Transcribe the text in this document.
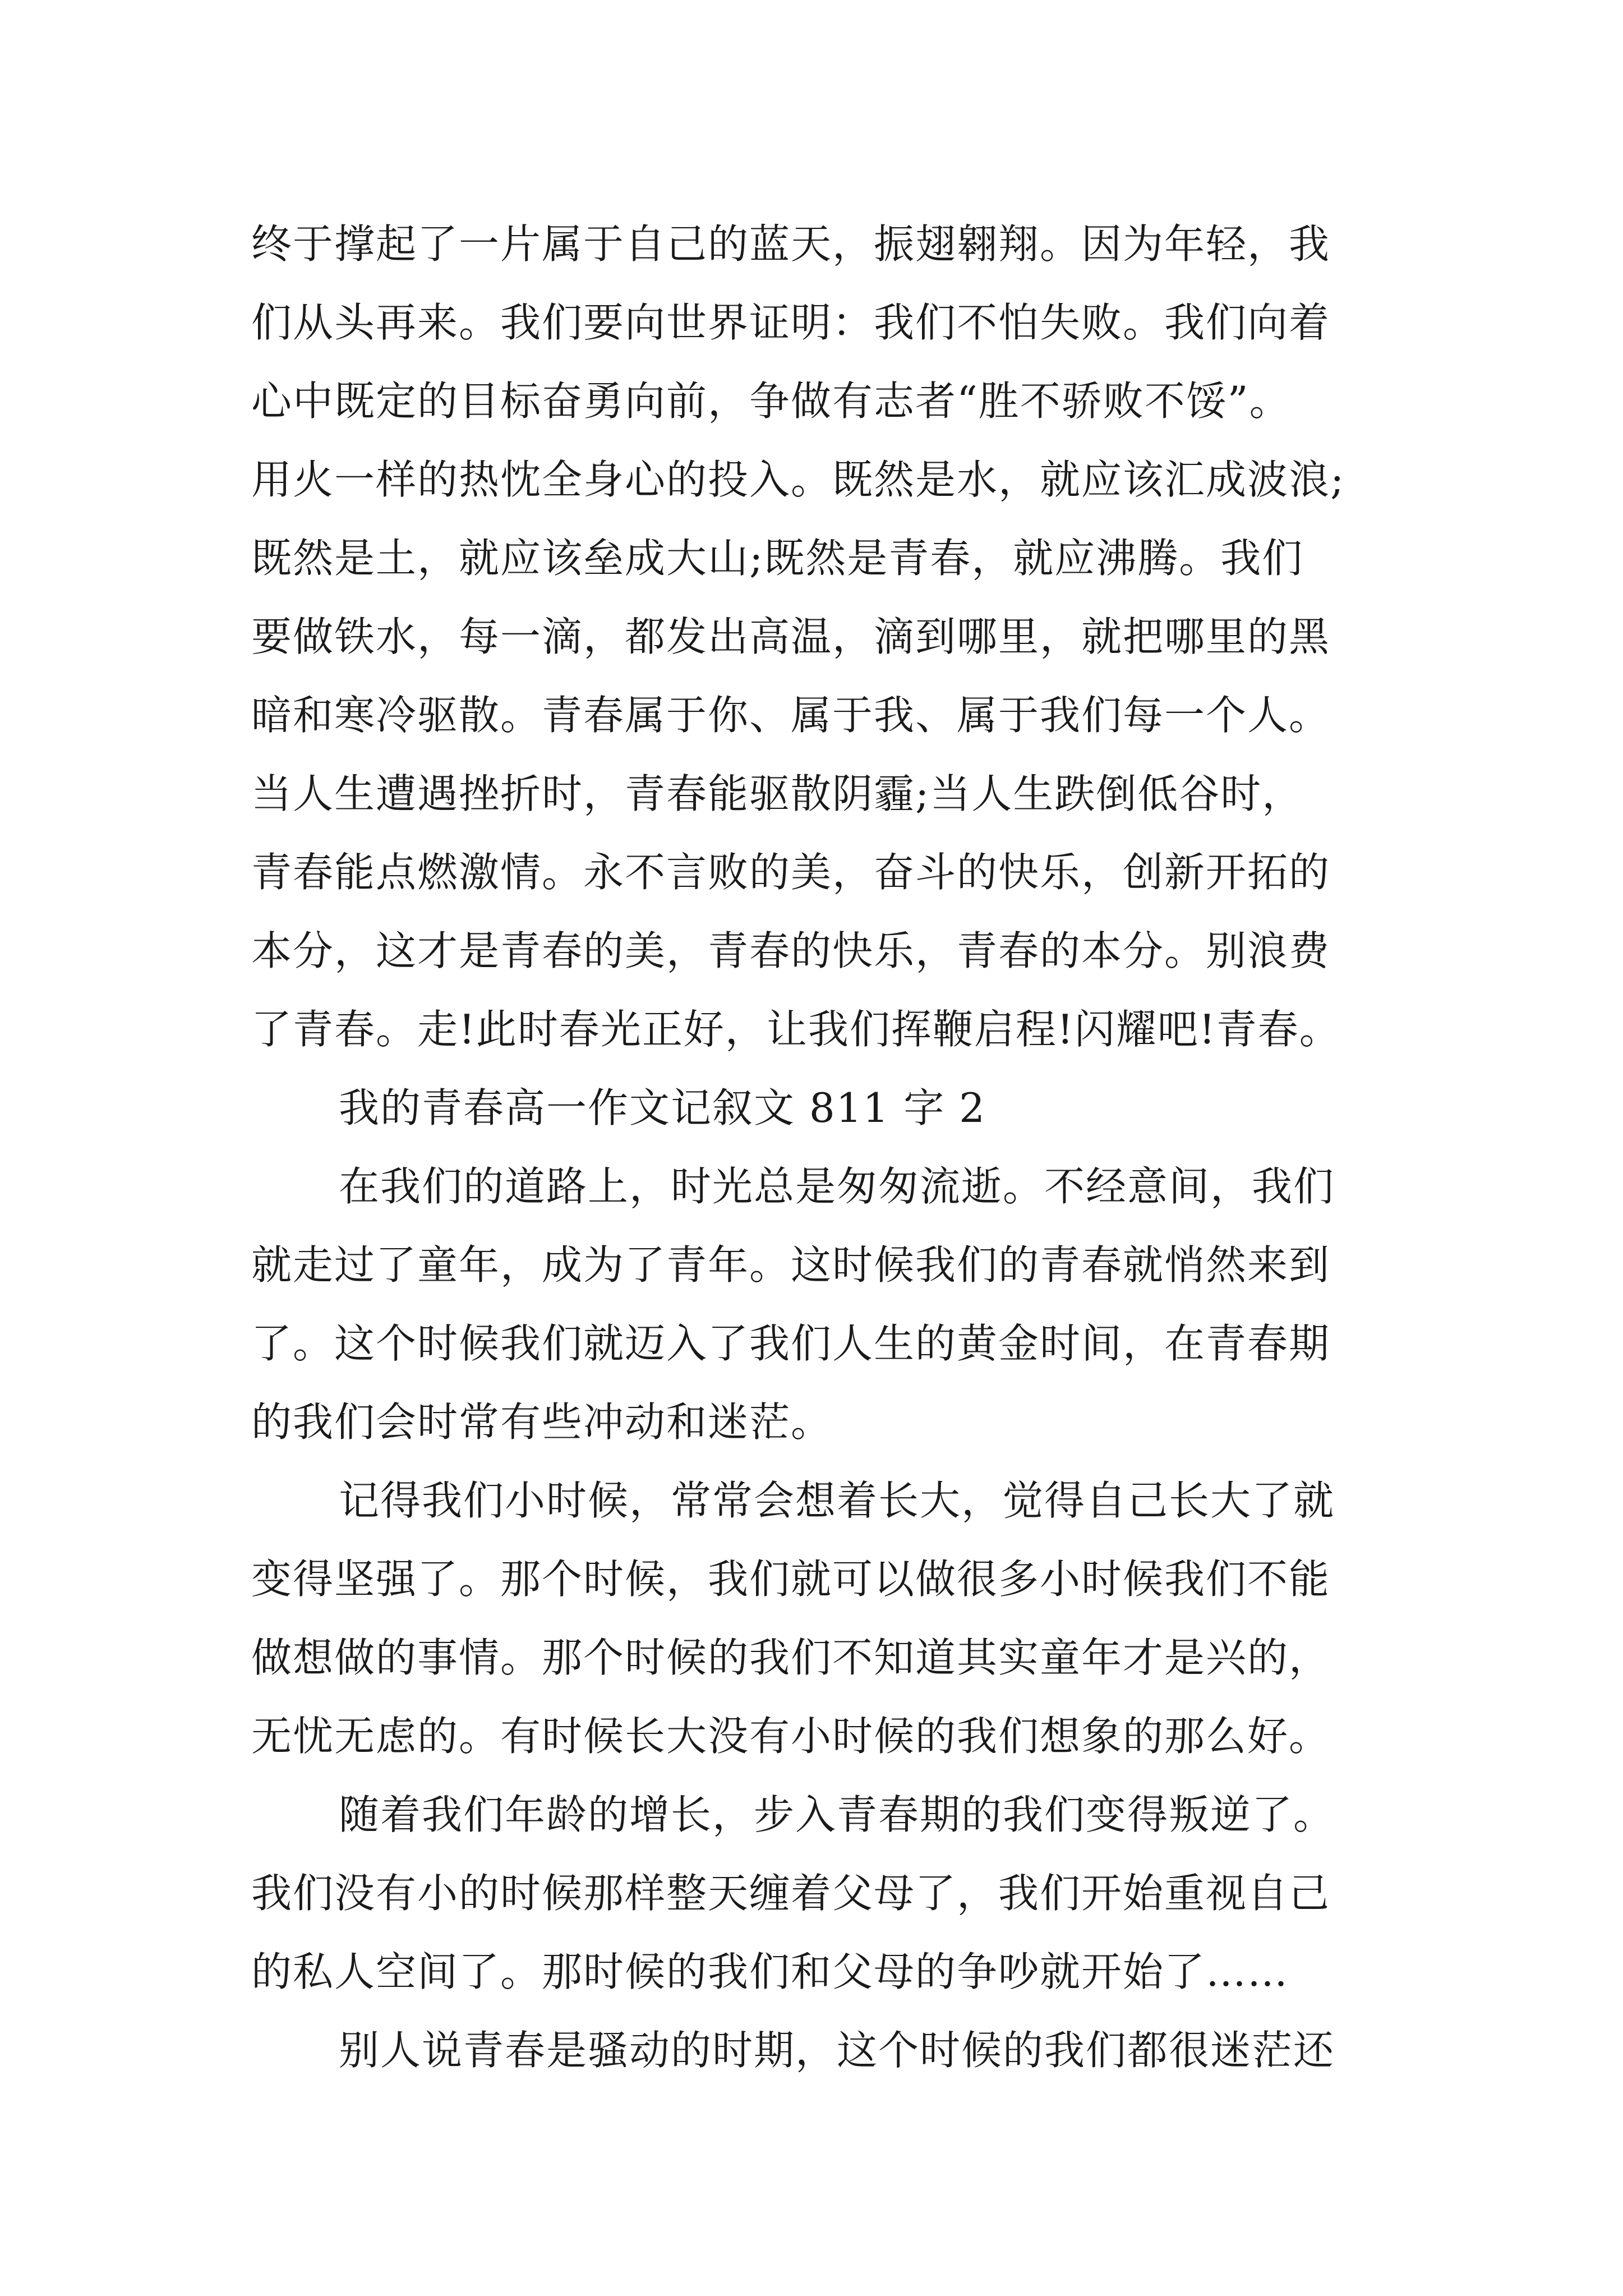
终于撑起了一片属于自己的蓝天，振翅翱翔。因为年轻，我
们从头再来。我们要向世界证明：我们不怕失败。我们向着
心中既定的目标奋勇向前，争做有志者“胜不骄败不馁”。
用火一样的热忱全身心的投入。既然是水，就应该汇成波浪;
既然是土，就应该垒成大山;既然是青春，就应沸腾。我们
要做铁水，每一滴，都发出高温，滴到哪里，就把哪里的黑
暗和寒冷驱散。青春属于你、属于我、属于我们每一个人。
当人生遭遇挫折时，青春能驱散阴霾;当人生跌倒低谷时，
青春能点燃激情。永不言败的美，奋斗的快乐，创新开拓的
本分，这才是青春的美，青春的快乐，青春的本分。别浪费
了青春。走!此时春光正好，让我们挥鞭启程!闪耀吧!青春。
我的青春高一作文记叙文 811 字 2
在我们的道路上，时光总是匆匆流逝。不经意间，我们
就走过了童年，成为了青年。这时候我们的青春就悄然来到
了。这个时候我们就迈入了我们人生的黄金时间，在青春期
的我们会时常有些冲动和迷茫。
记得我们小时候，常常会想着长大，觉得自己长大了就
变得坚强了。那个时候，我们就可以做很多小时候我们不能
做想做的事情。那个时候的我们不知道其实童年才是兴的，
无忧无虑的。有时候长大没有小时候的我们想象的那么好。
随着我们年龄的增长，步入青春期的我们变得叛逆了。
我们没有小的时候那样整天缠着父母了，我们开始重视自己
的私人空间了。那时候的我们和父母的争吵就开始了……
别人说青春是骚动的时期，这个时候的我们都很迷茫还
